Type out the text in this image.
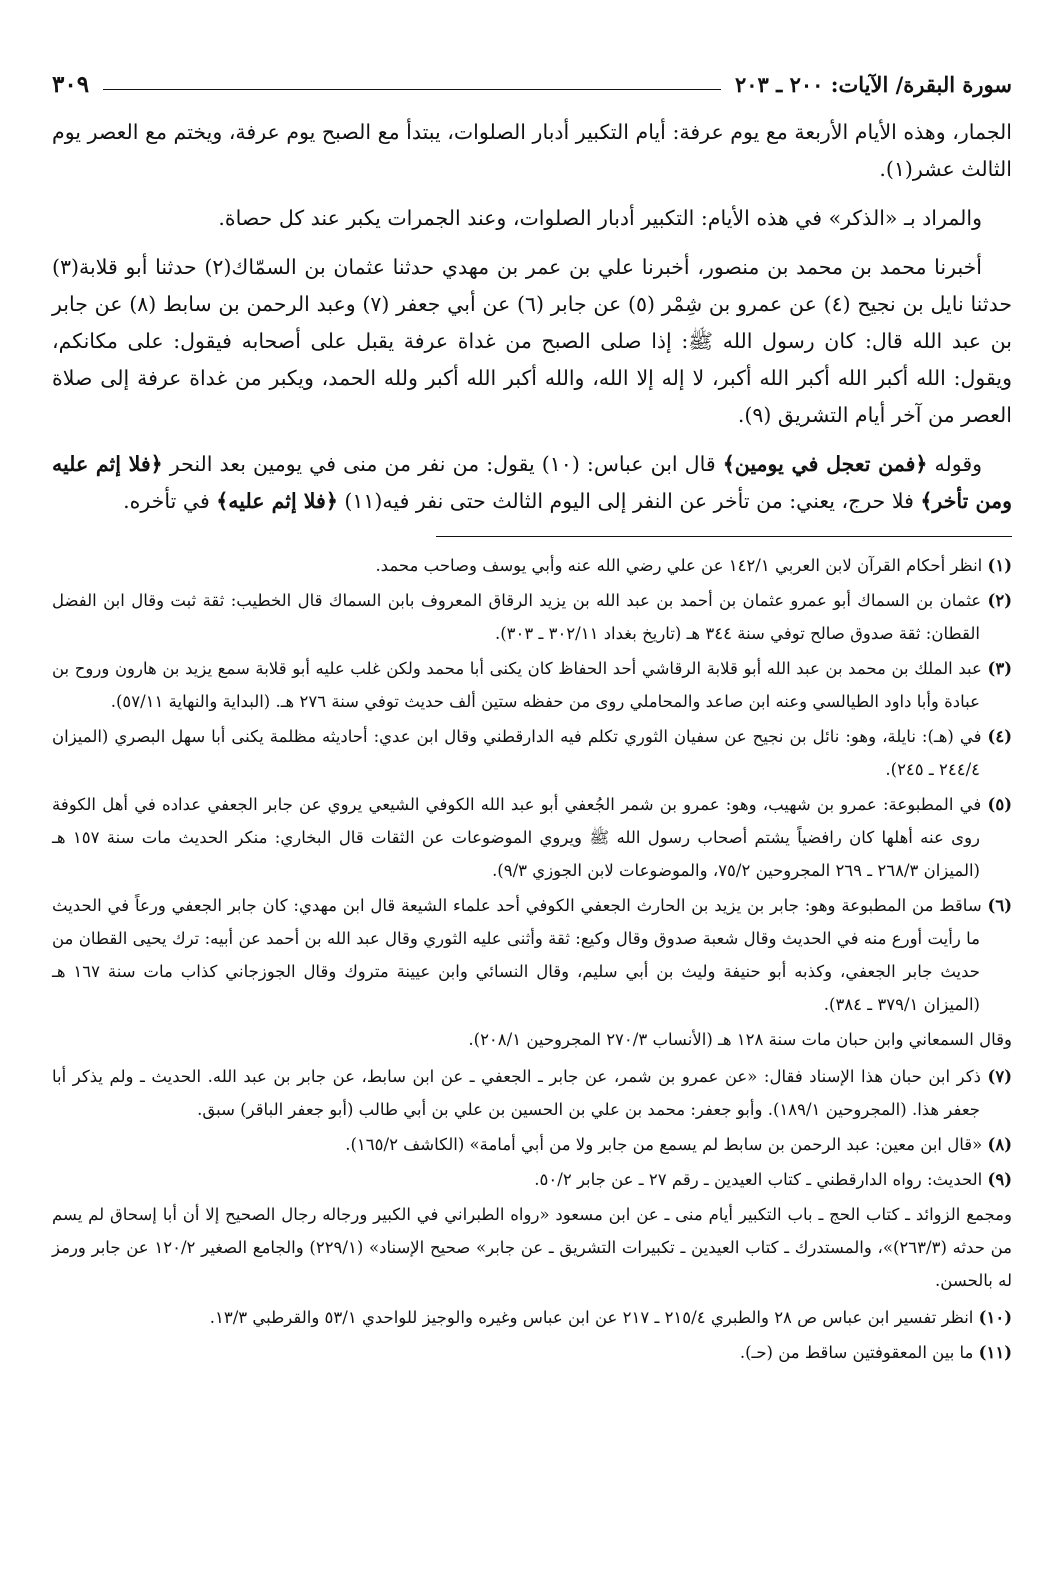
سورة البقرة/ الآيات: ٢٠٠ ـ ٢٠٣
٣٠٩

الجمار، وهذه الأيام الأربعة مع يوم عرفة: أيام التكبير أدبار الصلوات، يبتدأ مع الصبح يوم عرفة، ويختم مع العصر يوم الثالث عشر(١).

والمراد بـ «الذكر» في هذه الأيام: التكبير أدبار الصلوات، وعند الجمرات يكبر عند كل حصاة.

أخبرنا محمد بن محمد بن منصور، أخبرنا علي بن عمر بن مهدي حدثنا عثمان بن السمّاك(٢) حدثنا أبو قلابة(٣) حدثنا نايل بن نجيح (٤) عن عمرو بن شِمْر (٥) عن جابر (٦) عن أبي جعفر (٧) وعبد الرحمن بن سابط (٨) عن جابر بن عبد الله قال: كان رسول الله ﷺ: إذا صلى الصبح من غداة عرفة يقبل على أصحابه فيقول: على مكانكم، ويقول: الله أكبر الله أكبر الله أكبر، لا إله إلا الله، والله أكبر الله أكبر ولله الحمد، ويكبر من غداة عرفة إلى صلاة العصر من آخر أيام التشريق (٩).

وقوله ﴿فمن تعجل في يومين﴾ قال ابن عباس: (١٠) يقول: من نفر من منى في يومين بعد النحر ﴿فلا إثم عليه ومن تأخر﴾ فلا حرج، يعني: من تأخر عن النفر إلى اليوم الثالث حتى نفر فيه(١١) ﴿فلا إثم عليه﴾ في تأخره.

(١) انظر أحكام القرآن لابن العربي ١٤٢/١ عن علي رضي الله عنه وأبي يوسف وصاحب محمد.

(٢) عثمان بن السماك أبو عمرو عثمان بن أحمد بن عبد الله بن يزيد الرقاق المعروف بابن السماك قال الخطيب: ثقة ثبت وقال ابن الفضل القطان: ثقة صدوق صالح توفي سنة ٣٤٤ هـ (تاريخ بغداد ٣٠٢/١١ ـ ٣٠٣).

(٣) عبد الملك بن محمد بن عبد الله أبو قلابة الرقاشي أحد الحفاظ كان يكنى أبا محمد ولكن غلب عليه أبو قلابة سمع يزيد بن هارون وروح بن عبادة وأبا داود الطيالسي وعنه ابن صاعد والمحاملي روى من حفظه ستين ألف حديث توفي سنة ٢٧٦ هـ. (البداية والنهاية ٥٧/١١).

(٤) في (هـ): نايلة، وهو: نائل بن نجيح عن سفيان الثوري تكلم فيه الدارقطني وقال ابن عدي: أحاديثه مظلمة يكنى أبا سهل البصري (الميزان ٢٤٤/٤ ـ ٢٤٥).

(٥) في المطبوعة: عمرو بن شهيب، وهو: عمرو بن شمر الجُعفي أبو عبد الله الكوفي الشيعي يروي عن جابر الجعفي عداده في أهل الكوفة روى عنه أهلها كان رافضياً يشتم أصحاب رسول الله ﷺ ويروي الموضوعات عن الثقات قال البخاري: منكر الحديث مات سنة ١٥٧ هـ (الميزان ٢٦٨/٣ ـ ٢٦٩ المجروحين ٧٥/٢، والموضوعات لابن الجوزي ٩/٣).

(٦) ساقط من المطبوعة وهو: جابر بن يزيد بن الحارث الجعفي الكوفي أحد علماء الشيعة قال ابن مهدي: كان جابر الجعفي ورعاً في الحديث ما رأيت أورع منه في الحديث وقال شعبة صدوق وقال وكيع: ثقة وأثنى عليه الثوري وقال عبد الله بن أحمد عن أبيه: ترك يحيى القطان من حديث جابر الجعفي، وكذبه أبو حنيفة وليث بن أبي سليم، وقال النسائي وابن عيينة متروك وقال الجوزجاني كذاب مات سنة ١٦٧ هـ (الميزان ٣٧٩/١ ـ ٣٨٤).

وقال السمعاني وابن حبان مات سنة ١٢٨ هـ (الأنساب ٢٧٠/٣ المجروحين ٢٠٨/١).

(٧) ذكر ابن حبان هذا الإسناد فقال: «عن عمرو بن شمر، عن جابر ـ الجعفي ـ عن ابن سابط، عن جابر بن عبد الله. الحديث ـ ولم يذكر أبا جعفر هذا. (المجروحين ١٨٩/١). وأبو جعفر: محمد بن علي بن الحسين بن علي بن أبي طالب (أبو جعفر الباقر) سبق.

(٨) «قال ابن معين: عبد الرحمن بن سابط لم يسمع من جابر ولا من أبي أمامة» (الكاشف ١٦٥/٢).

(٩) الحديث: رواه الدارقطني ـ كتاب العيدين ـ رقم ٢٧ ـ عن جابر ٥٠/٢.

ومجمع الزوائد ـ كتاب الحج ـ باب التكبير أيام منى ـ عن ابن مسعود «رواه الطبراني في الكبير ورجاله رجال الصحيح إلا أن أبا إسحاق لم يسم من حدثه (٢٦٣/٣)»، والمستدرك ـ كتاب العيدين ـ تكبيرات التشريق ـ عن جابر» صحيح الإسناد» (٢٢٩/١) والجامع الصغير ١٢٠/٢ عن جابر ورمز له بالحسن.

(١٠) انظر تفسير ابن عباس ص ٢٨ والطبري ٢١٥/٤ ـ ٢١٧ عن ابن عباس وغيره والوجيز للواحدي ٥٣/١ والقرطبي ١٣/٣.

(١١) ما بين المعقوفتين ساقط من (حـ).
